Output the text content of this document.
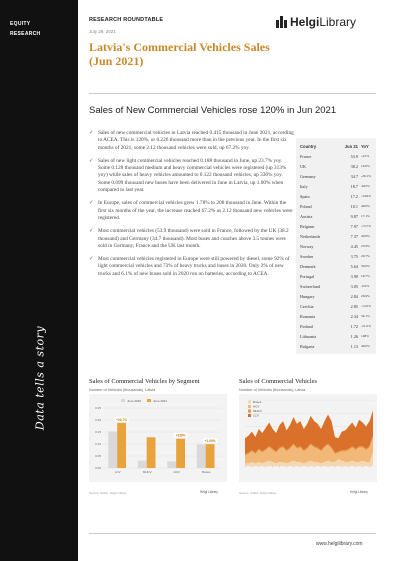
EQUITY
RESEARCH
Data tells a story
RESEARCH ROUNDTABLE
July 28, 2021
HelgiLibrary
Latvia's Commercial Vehicles Sales
(Jun 2021)
Sales of New Commercial Vehicles rose 120% in Jun 2021
✓ Sales of new commercial vehicles in Latvia reached 0.415 thousand in June 2021, according to ACEA. This is 120%, or 0.226 thousand more than in the previous year. In the first six months of 2021, some 2.12 thousand vehicles were sold, up 67.2% yoy.
✓ Sales of new light commercial vehicles reached 0.188 thousand in June, up 23.7% yoy. Some 0.128 thousand medium and heavy commercial vehicles were registered (up 313% yoy) while sales of heavy vehicles amounted to 0.122 thousand vehicles, up 336% yoy. Some 0.099 thousand new buses have been delivered in June in Latvia, up 1.00% when compared to last year.
✓ In Europe, sales of commercial vehicles grew 1.78% to 208 thousand in June. Within the first six months of the year, the increase reached 67.2% as 2.12 thousand new vehicles were registered.
✓ Most commercial vehicles (53.9 thousand) were sold in France, followed by the UK (38.2 thousand) and Germany (34.7 thousand). Most buses and coaches above 3.5 tonnes were sold in Germany, France and the UK last month.
✓ Most commercial vehicles registered in Europe were still powered by diesel, some 92% of light commercial vehicles and 73% of heavy trucks and buses in 2020. Only 2% of new trucks and 6.1% of new buses sold in 2020 run on batteries, according to ACEA.
Country	Jun 21 YoY
France	53.9 -4.3%
UK	38.2 10.0%
Germany	34.7 -26.1%
Italy	18.7 4.65%
Spain	17.2 -3.09%
Poland	10.1 40.0%
Austria	9.87 17.1%
Belgium	7.97 -13.7%
Netherlands	7.37 40.9%
Norway	4.45 23.9%
Sweden	3.75 20.7%
Denmark	5.64 30.0%
Portugal	3.90 16.7%
Switzerland	3.05 -0.0%
Hungary	2.84 26.9%
Czechia	2.85 -13.0%
Romania	2.34 34.1%
Finland	1.72 -21.0%
Lithuania	1.26 148%
Bulgaria	1.13 40.0%
Sales of Commercial Vehicles by Segment
Number of Vehicles (thousands), Latvia
June 2020	June 2021
0.25
0.20
0.15
0.10
0.05
0.00
+23.7%
LCV	MHCV
+336%
HCV
+1.00%
Buses
Source: ACEA, Helgi Library	Helgi Library
Sales of Commercial Vehicles
Number of Vehicles (thousands), Latvia
Buses
HCV
MHCV
LCV
Source: ACEA, Helgi Library	Helgi Library
www.helgilibrary.com
